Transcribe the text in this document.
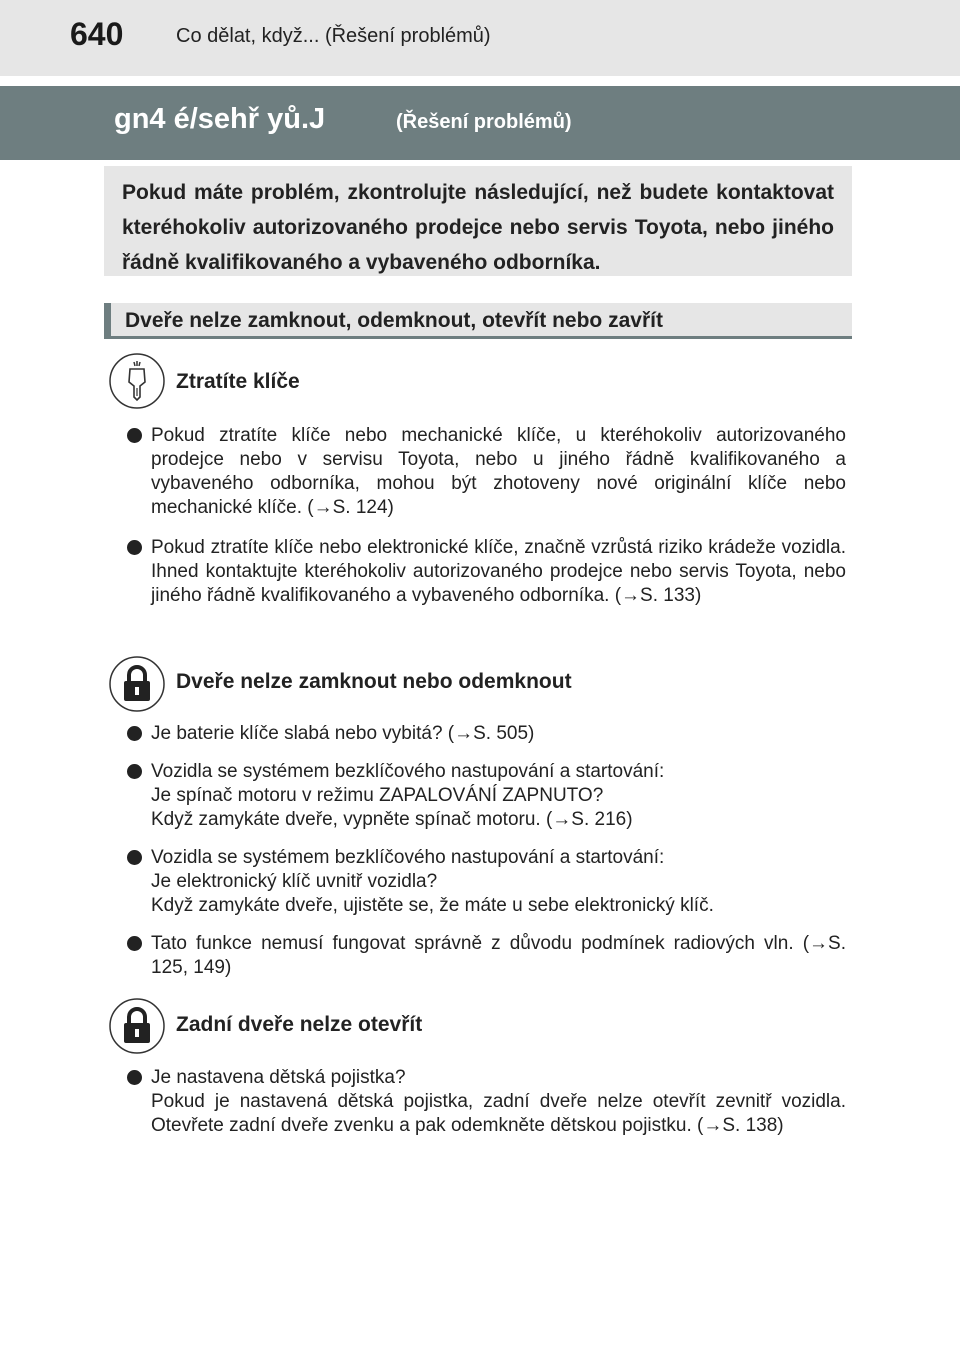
640	Co dělat, když... (Řešení problémů)
gn4 é/sehř yů.J	(Řešení problémů)

Pokud máte problém, zkontrolujte následující, než budete kontaktovat kteréhokoliv autorizovaného prodejce nebo servis Toyota, nebo jiného řádně kvalifikovaného a vybaveného odborníka.

Dveře nelze zamknout, odemknout, otevřít nebo zavřít
Ztratíte klíče

Pokud ztratíte klíče nebo mechanické klíče, u kteréhokoliv autorizovaného prodejce nebo v servisu Toyota, nebo u jiného řádně kvalifikovaného a vybaveného odborníka, mohou být zhotoveny nové originální klíče nebo mechanické klíče. (→S. 124)

Pokud ztratíte klíče nebo elektronické klíče, značně vzrůstá riziko krádeže vozidla. Ihned kontaktujte kteréhokoliv autorizovaného prodejce nebo servis Toyota, nebo jiného řádně kvalifikovaného a vybaveného odborníka. (→S. 133)

Dveře nelze zamknout nebo odemknout

Je baterie klíče slabá nebo vybitá? (→S. 505)

Vozidla se systémem bezklíčového nastupování a startování:
Je spínač motoru v režimu ZAPALOVÁNÍ ZAPNUTO?
Když zamykáte dveře, vypněte spínač motoru. (→S. 216)

Vozidla se systémem bezklíčového nastupování a startování:
Je elektronický klíč uvnitř vozidla?
Když zamykáte dveře, ujistěte se, že máte u sebe elektronický klíč.

Tato funkce nemusí fungovat správně z důvodu podmínek radiových vln. (→S. 125, 149)

Zadní dveře nelze otevřít

Je nastavena dětská pojistka?
Pokud je nastavená dětská pojistka, zadní dveře nelze otevřít zevnitř vozidla. Otevřete zadní dveře zvenku a pak odemkněte dětskou pojistku. (→S. 138)
